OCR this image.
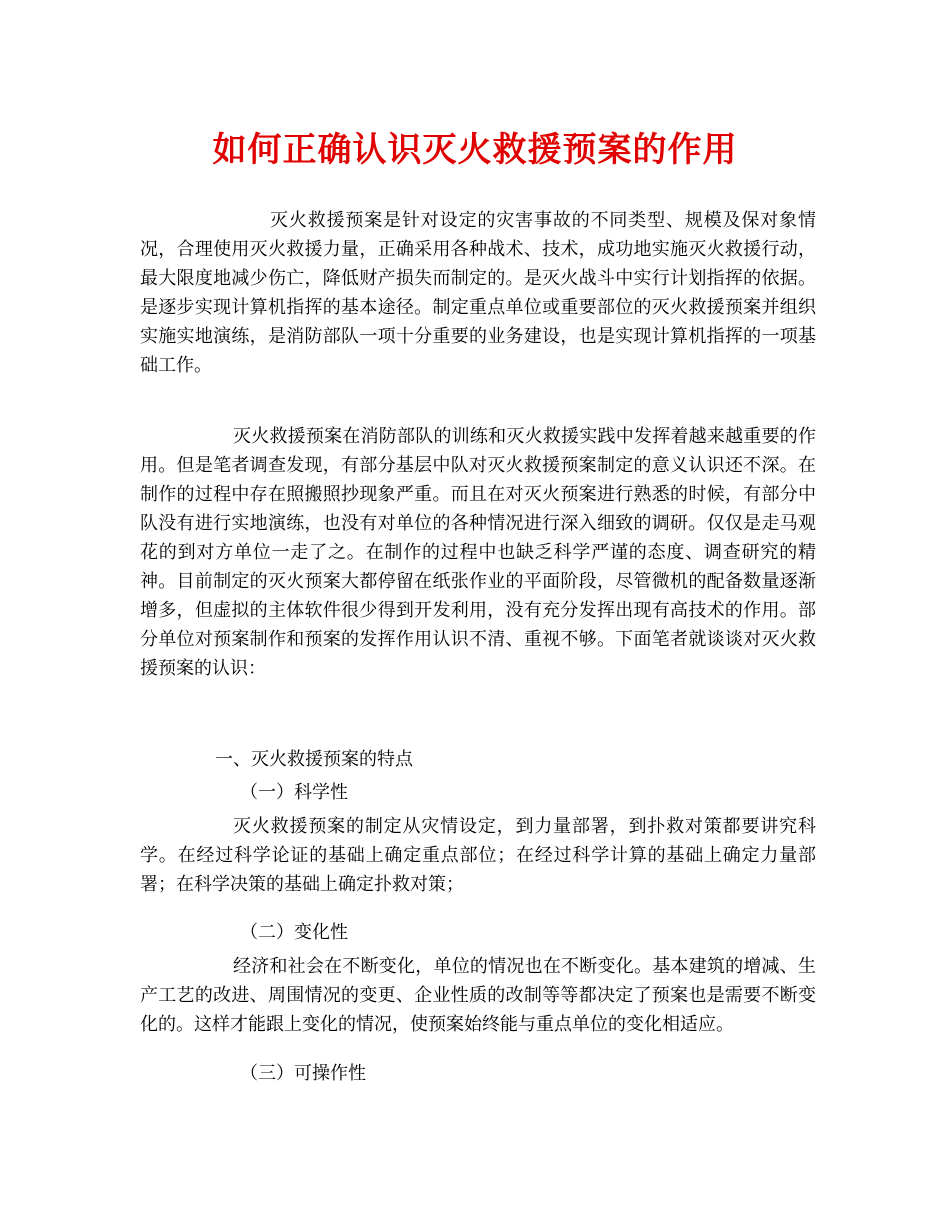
如何正确认识灭火救援预案的作用

灭火救援预案是针对设定的灾害事故的不同类型、规模及保对象情况，合理使用灭火救援力量，正确采用各种战术、技术，成功地实施灭火救援行动，最大限度地减少伤亡，降低财产损失而制定的。是灭火战斗中实行计划指挥的依据。是逐步实现计算机指挥的基本途径。制定重点单位或重要部位的灭火救援预案并组织实施实地演练，是消防部队一项十分重要的业务建设，也是实现计算机指挥的一项基础工作。

灭火救援预案在消防部队的训练和灭火救援实践中发挥着越来越重要的作用。但是笔者调查发现，有部分基层中队对灭火救援预案制定的意义认识还不深。在制作的过程中存在照搬照抄现象严重。而且在对灭火预案进行熟悉的时候，有部分中队没有进行实地演练，也没有对单位的各种情况进行深入细致的调研。仅仅是走马观花的到对方单位一走了之。在制作的过程中也缺乏科学严谨的态度、调查研究的精神。目前制定的灭火预案大都停留在纸张作业的平面阶段，尽管微机的配备数量逐渐增多，但虚拟的主体软件很少得到开发利用，没有充分发挥出现有高技术的作用。部分单位对预案制作和预案的发挥作用认识不清、重视不够。下面笔者就谈谈对灭火救援预案的认识：

一、灭火救援预案的特点

（一）科学性

灭火救援预案的制定从灾情设定，到力量部署，到扑救对策都要讲究科学。在经过科学论证的基础上确定重点部位；在经过科学计算的基础上确定力量部署；在科学决策的基础上确定扑救对策；

（二）变化性

经济和社会在不断变化，单位的情况也在不断变化。基本建筑的增减、生产工艺的改进、周围情况的变更、企业性质的改制等等都决定了预案也是需要不断变化的。这样才能跟上变化的情况，使预案始终能与重点单位的变化相适应。

（三）可操作性
